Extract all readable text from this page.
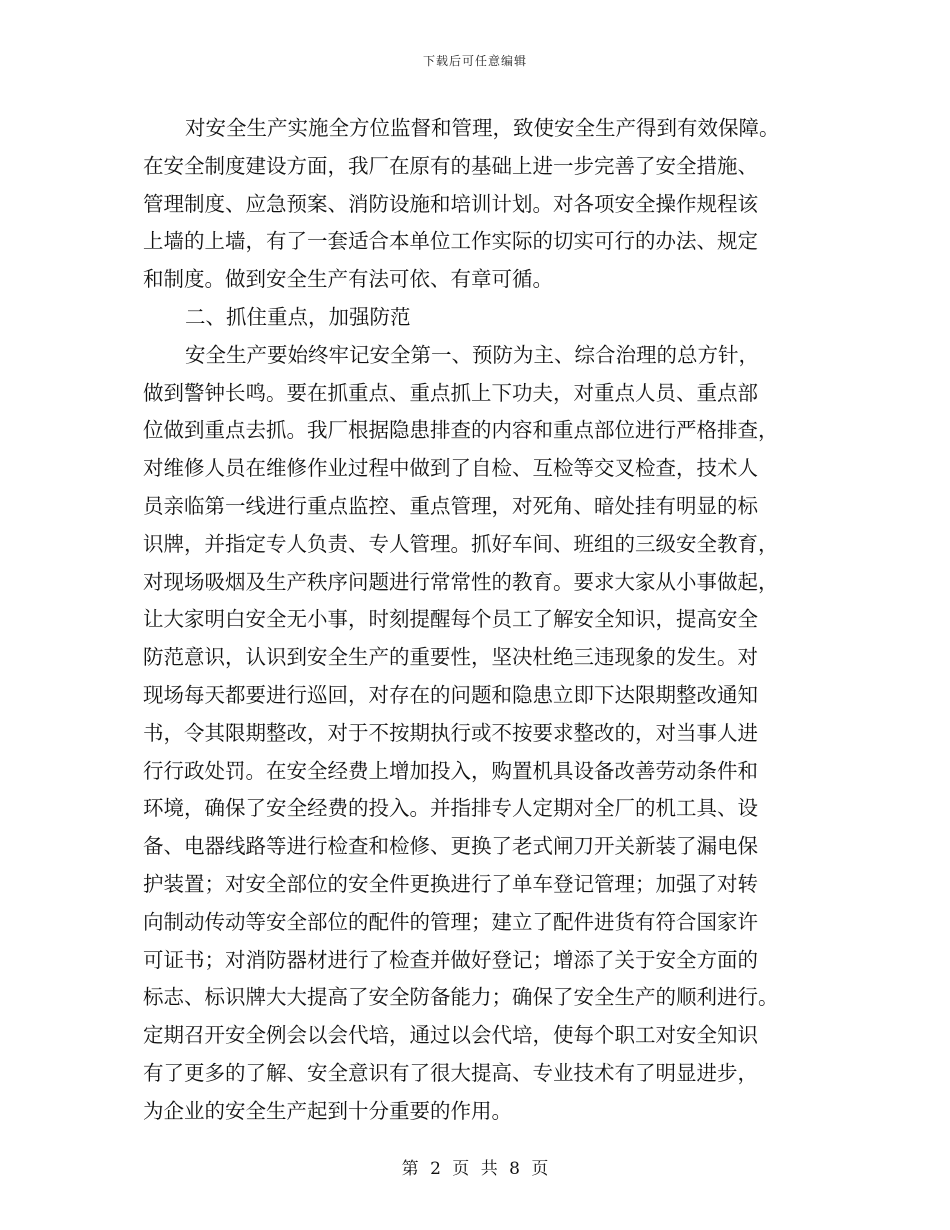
下载后可任意编辑
对安全生产实施全方位监督和管理，致使安全生产得到有效保障。
在安全制度建设方面，我厂在原有的基础上进一步完善了安全措施、
管理制度、应急预案、消防设施和培训计划。对各项安全操作规程该
上墙的上墙，有了一套适合本单位工作实际的切实可行的办法、规定
和制度。做到安全生产有法可依、有章可循。
二、抓住重点，加强防范
安全生产要始终牢记安全第一、预防为主、综合治理的总方针，
做到警钟长鸣。要在抓重点、重点抓上下功夫，对重点人员、重点部
位做到重点去抓。我厂根据隐患排查的内容和重点部位进行严格排查，
对维修人员在维修作业过程中做到了自检、互检等交叉检查，技术人
员亲临第一线进行重点监控、重点管理，对死角、暗处挂有明显的标
识牌，并指定专人负责、专人管理。抓好车间、班组的三级安全教育，
对现场吸烟及生产秩序问题进行常常性的教育。要求大家从小事做起，
让大家明白安全无小事，时刻提醒每个员工了解安全知识，提高安全
防范意识，认识到安全生产的重要性，坚决杜绝三违现象的发生。对
现场每天都要进行巡回，对存在的问题和隐患立即下达限期整改通知
书，令其限期整改，对于不按期执行或不按要求整改的，对当事人进
行行政处罚。在安全经费上增加投入，购置机具设备改善劳动条件和
环境，确保了安全经费的投入。并指排专人定期对全厂的机工具、设
备、电器线路等进行检查和检修、更换了老式闸刀开关新装了漏电保
护装置；对安全部位的安全件更换进行了单车登记管理；加强了对转
向制动传动等安全部位的配件的管理；建立了配件进货有符合国家许
可证书；对消防器材进行了检查并做好登记；增添了关于安全方面的
标志、标识牌大大提高了安全防备能力；确保了安全生产的顺利进行。
定期召开安全例会以会代培，通过以会代培，使每个职工对安全知识
有了更多的了解、安全意识有了很大提高、专业技术有了明显进步，
为企业的安全生产起到十分重要的作用。
第 2 页 共 8 页
